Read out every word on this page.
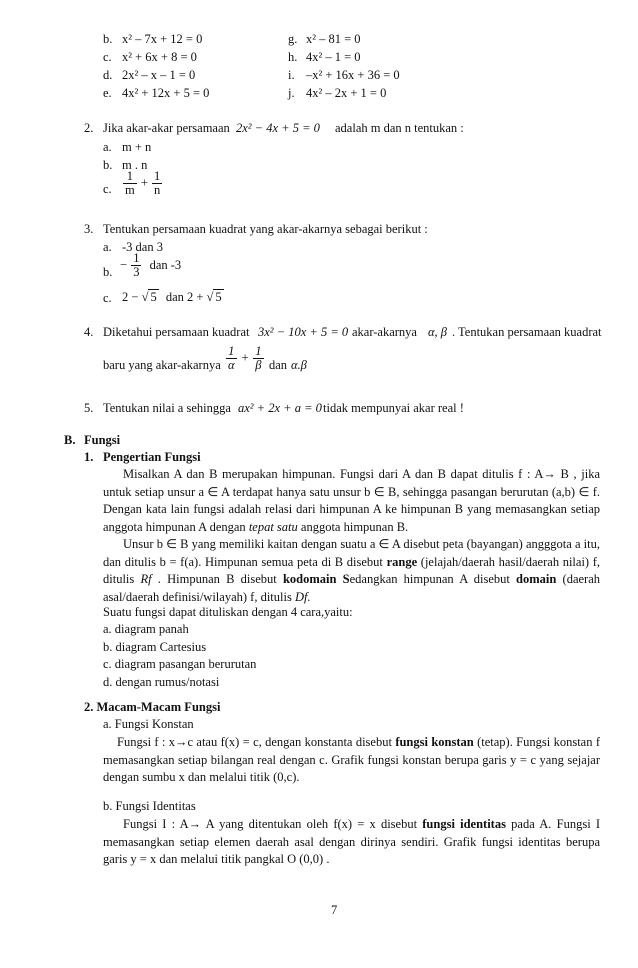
b. x² – 7x + 12 = 0
c. x² + 6x + 8 = 0
d. 2x² – x – 1 = 0
e. 4x² + 12x + 5 = 0
g. x² – 81 = 0
h. 4x² – 1 = 0
i. –x² + 16x + 36 = 0
j. 4x² – 2x + 1 = 0
2. Jika akar-akar persamaan 2x² − 4x + 5 = 0 adalah m dan n tentukan :
a. m + n
b. m . n
c. $\frac{1}{m} + \frac{1}{n}$
3. Tentukan persamaan kuadrat yang akar-akarnya sebagai berikut :
a. -3 dan 3
b.
− $\frac{1}{3}$ dan -3
c. 2 − √ 5 dan 2 + √ 5
4. Diketahui persamaan kuadrat 3x² − 10x + 5 = 0 akar-akarnya α, β . Tentukan persamaan kuadrat
baru yang akar-akarnya $\frac{1}{\alpha} + \frac{1}{\beta}$ dan α.β
5. Tentukan nilai a sehingga ax² + 2x + a = 0 tidak mempunyai akar real !
B. Fungsi
1. Pengertian Fungsi
Misalkan A dan B merupakan himpunan. Fungsi dari A dan B dapat ditulis f : A→ B , jika untuk setiap unsur a ∈ A terdapat hanya satu unsur b ∈ B, sehingga pasangan berurutan (a,b) ∈ f. Dengan kata lain fungsi adalah relasi dari himpunan A ke himpunan B yang memasangkan setiap anggota himpunan A dengan tepat satu anggota himpunan B.
Unsur b ∈ B yang memiliki kaitan dengan suatu a ∈ A disebut peta (bayangan) angggota a itu, dan ditulis b = f(a). Himpunan semua peta di B disebut range (jelajah/daerah hasil/daerah nilai) f, ditulis Rf . Himpunan B disebut kodomain Sedangkan himpunan A disebut domain (daerah asal/daerah definisi/wilayah) f, ditulis Df.
Suatu fungsi dapat dituliskan dengan 4 cara,yaitu:
a. diagram panah
b. diagram Cartesius
c. diagram pasangan berurutan
d. dengan rumus/notasi
2. Macam-Macam Fungsi
a. Fungsi Konstan
Fungsi f : x→c atau f(x) = c, dengan konstanta disebut fungsi konstan (tetap). Fungsi konstan f memasangkan setiap bilangan real dengan c. Grafik fungsi konstan berupa garis y = c yang sejajar dengan sumbu x dan melalui titik (0,c).
b. Fungsi Identitas
Fungsi I : A→ A yang ditentukan oleh f(x) = x disebut fungsi identitas pada A. Fungsi I memasangkan setiap elemen daerah asal dengan dirinya sendiri. Grafik fungsi identitas berupa garis y = x dan melalui titik pangkal O (0,0) .
7
